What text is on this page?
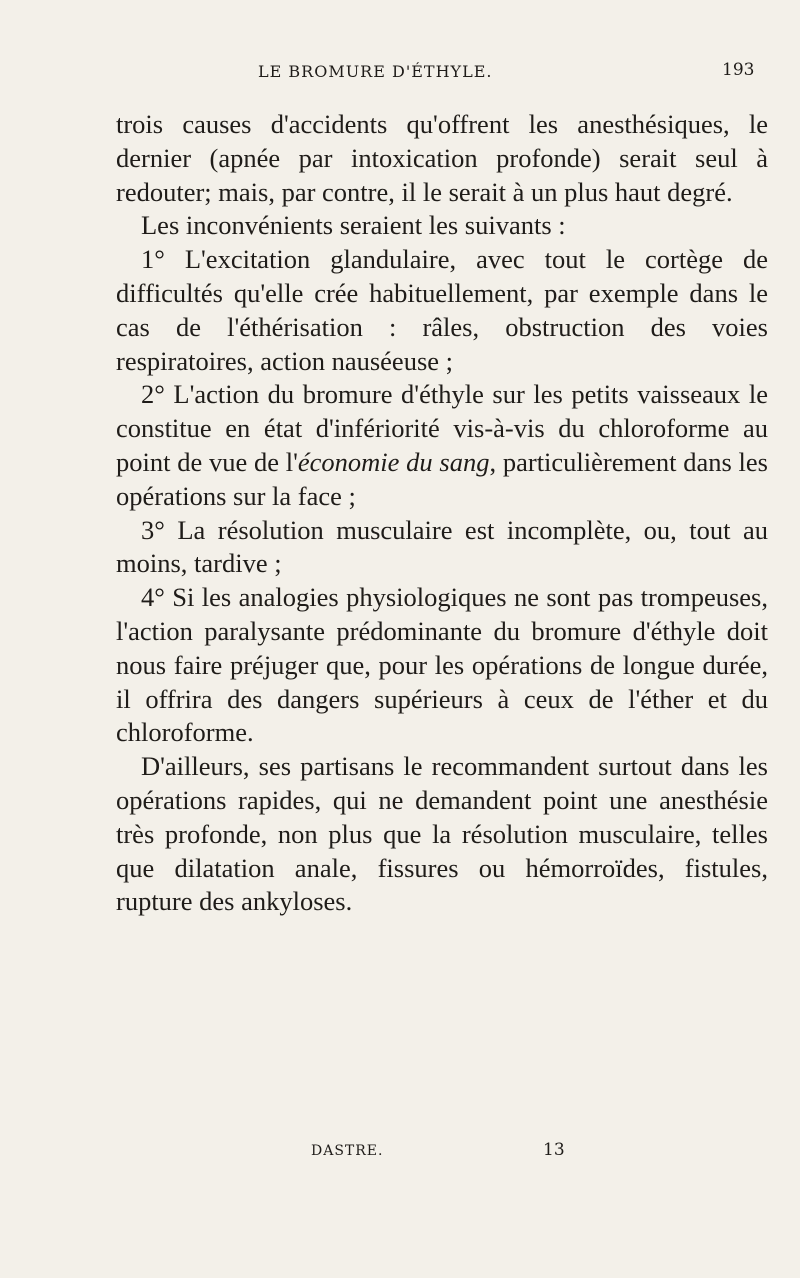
LE BROMURE D'ÉTHYLE.	193

trois causes d'accidents qu'offrent les anesthésiques, le dernier (apnée par intoxication profonde) serait seul à redouter; mais, par contre, il le serait à un plus haut degré.

Les inconvénients seraient les suivants :

1° L'excitation glandulaire, avec tout le cortège de difficultés qu'elle crée habituellement, par exemple dans le cas de l'éthérisation : râles, obstruction des voies respiratoires, action nauséeuse ;

2° L'action du bromure d'éthyle sur les petits vaisseaux le constitue en état d'infériorité vis-à-vis du chloroforme au point de vue de l'économie du sang, particulièrement dans les opérations sur la face ;

3° La résolution musculaire est incomplète, ou, tout au moins, tardive ;

4° Si les analogies physiologiques ne sont pas trompeuses, l'action paralysante prédominante du bromure d'éthyle doit nous faire préjuger que, pour les opérations de longue durée, il offrira des dangers supérieurs à ceux de l'éther et du chloroforme.

D'ailleurs, ses partisans le recommandent surtout dans les opérations rapides, qui ne demandent point une anesthésie très profonde, non plus que la résolution musculaire, telles que dilatation anale, fissures ou hémorroïdes, fistules, rupture des ankyloses.

DASTRE.	13
